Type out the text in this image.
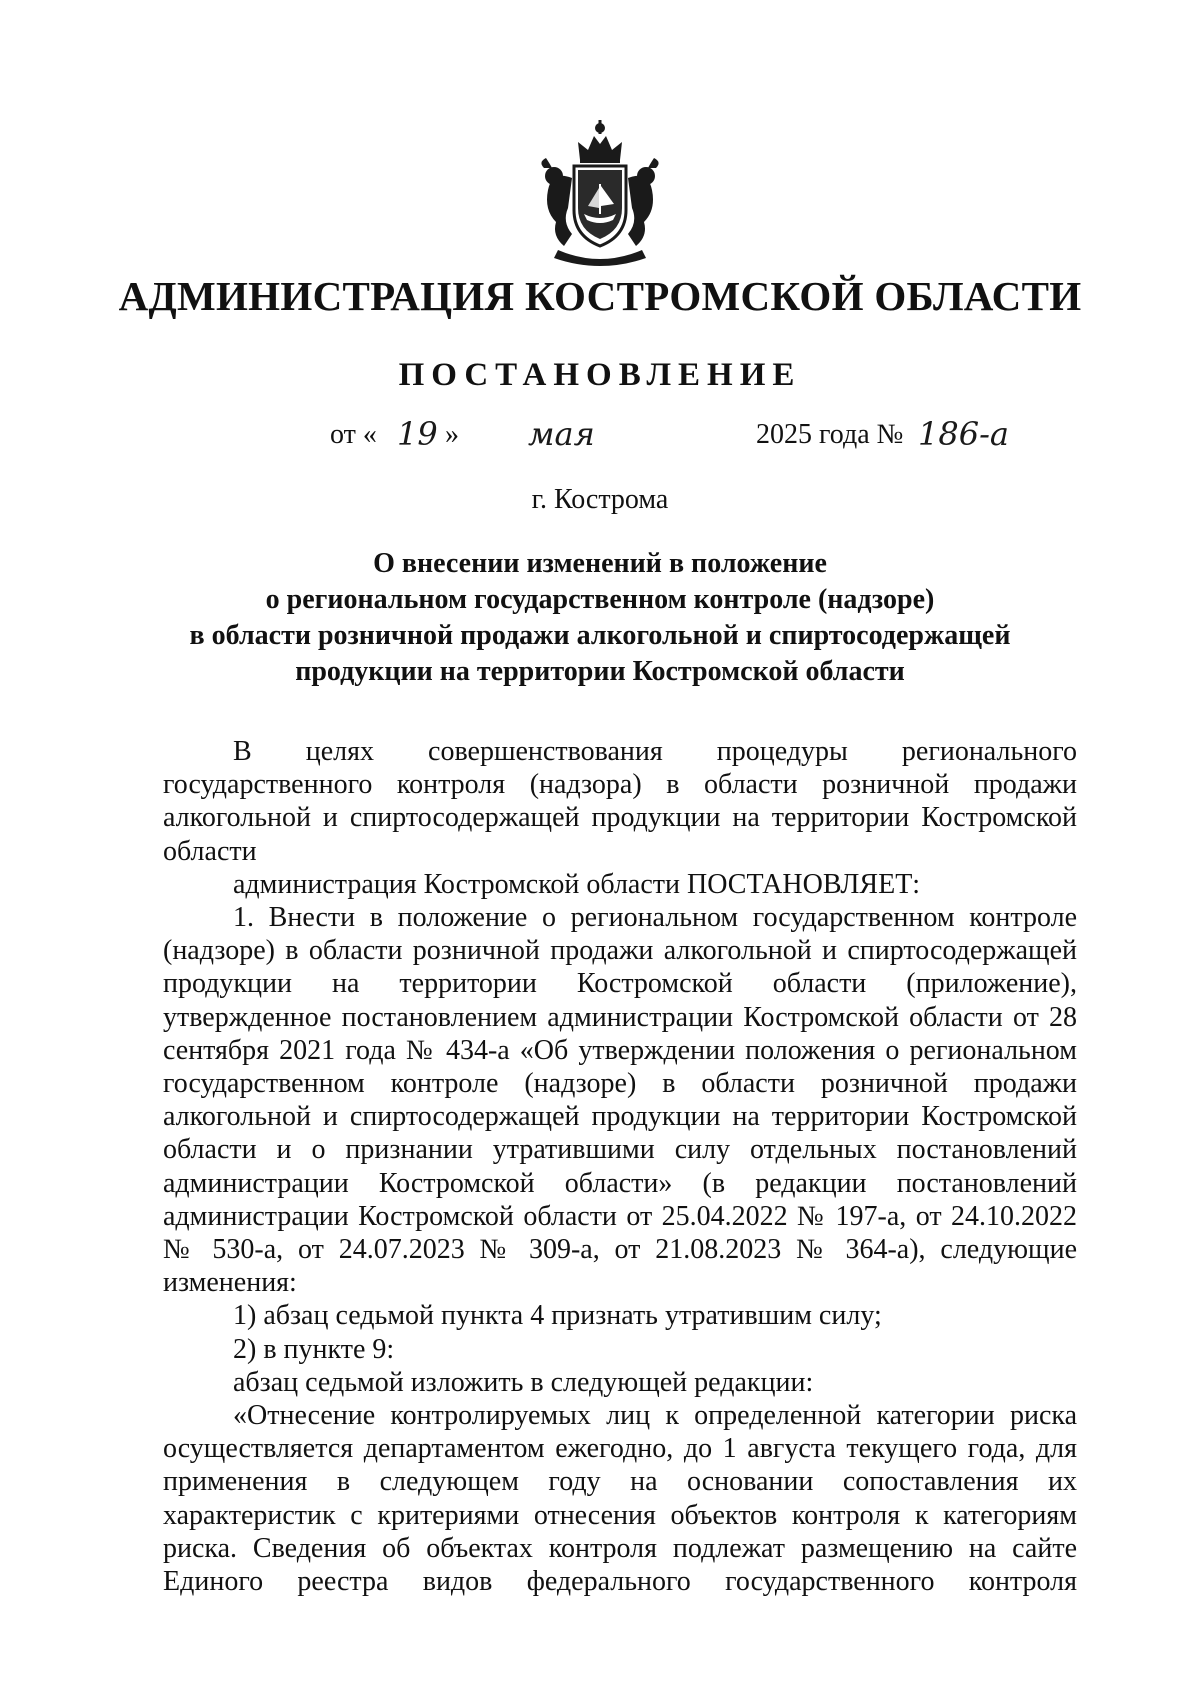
АДМИНИСТРАЦИЯ КОСТРОМСКОЙ ОБЛАСТИ
ПОСТАНОВЛЕНИЕ
от « 19 » мая	2025 года № 186-а

г. Кострома

О внесении изменений в положение
о региональном государственном контроле (надзоре)
в области розничной продажи алкогольной и спиртосодержащей
продукции на территории Костромской области

В целях совершенствования процедуры регионального государственного контроля (надзора) в области розничной продажи алкогольной и спиртосодержащей продукции на территории Костромской области

администрация Костромской области ПОСТАНОВЛЯЕТ:

1. Внести в положение о региональном государственном контроле (надзоре) в области розничной продажи алкогольной и спиртосодержащей продукции на территории Костромской области (приложение), утвержденное постановлением администрации Костромской области от 28 сентября 2021 года № 434-а «Об утверждении положения о региональном государственном контроле (надзоре) в области розничной продажи алкогольной и спиртосодержащей продукции на территории Костромской области и о признании утратившими силу отдельных постановлений администрации Костромской области» (в редакции постановлений администрации Костромской области от 25.04.2022 № 197-а, от 24.10.2022 № 530-а, от 24.07.2023 № 309-а, от 21.08.2023 № 364-а), следующие изменения:

1) абзац седьмой пункта 4 признать утратившим силу;

2) в пункте 9:

абзац седьмой изложить в следующей редакции:

«Отнесение контролируемых лиц к определенной категории риска осуществляется департаментом ежегодно, до 1 августа текущего года, для применения в следующем году на основании сопоставления их характеристик с критериями отнесения объектов контроля к категориям риска. Сведения об объектах контроля подлежат размещению на сайте Единого реестра видов федерального государственного контроля
